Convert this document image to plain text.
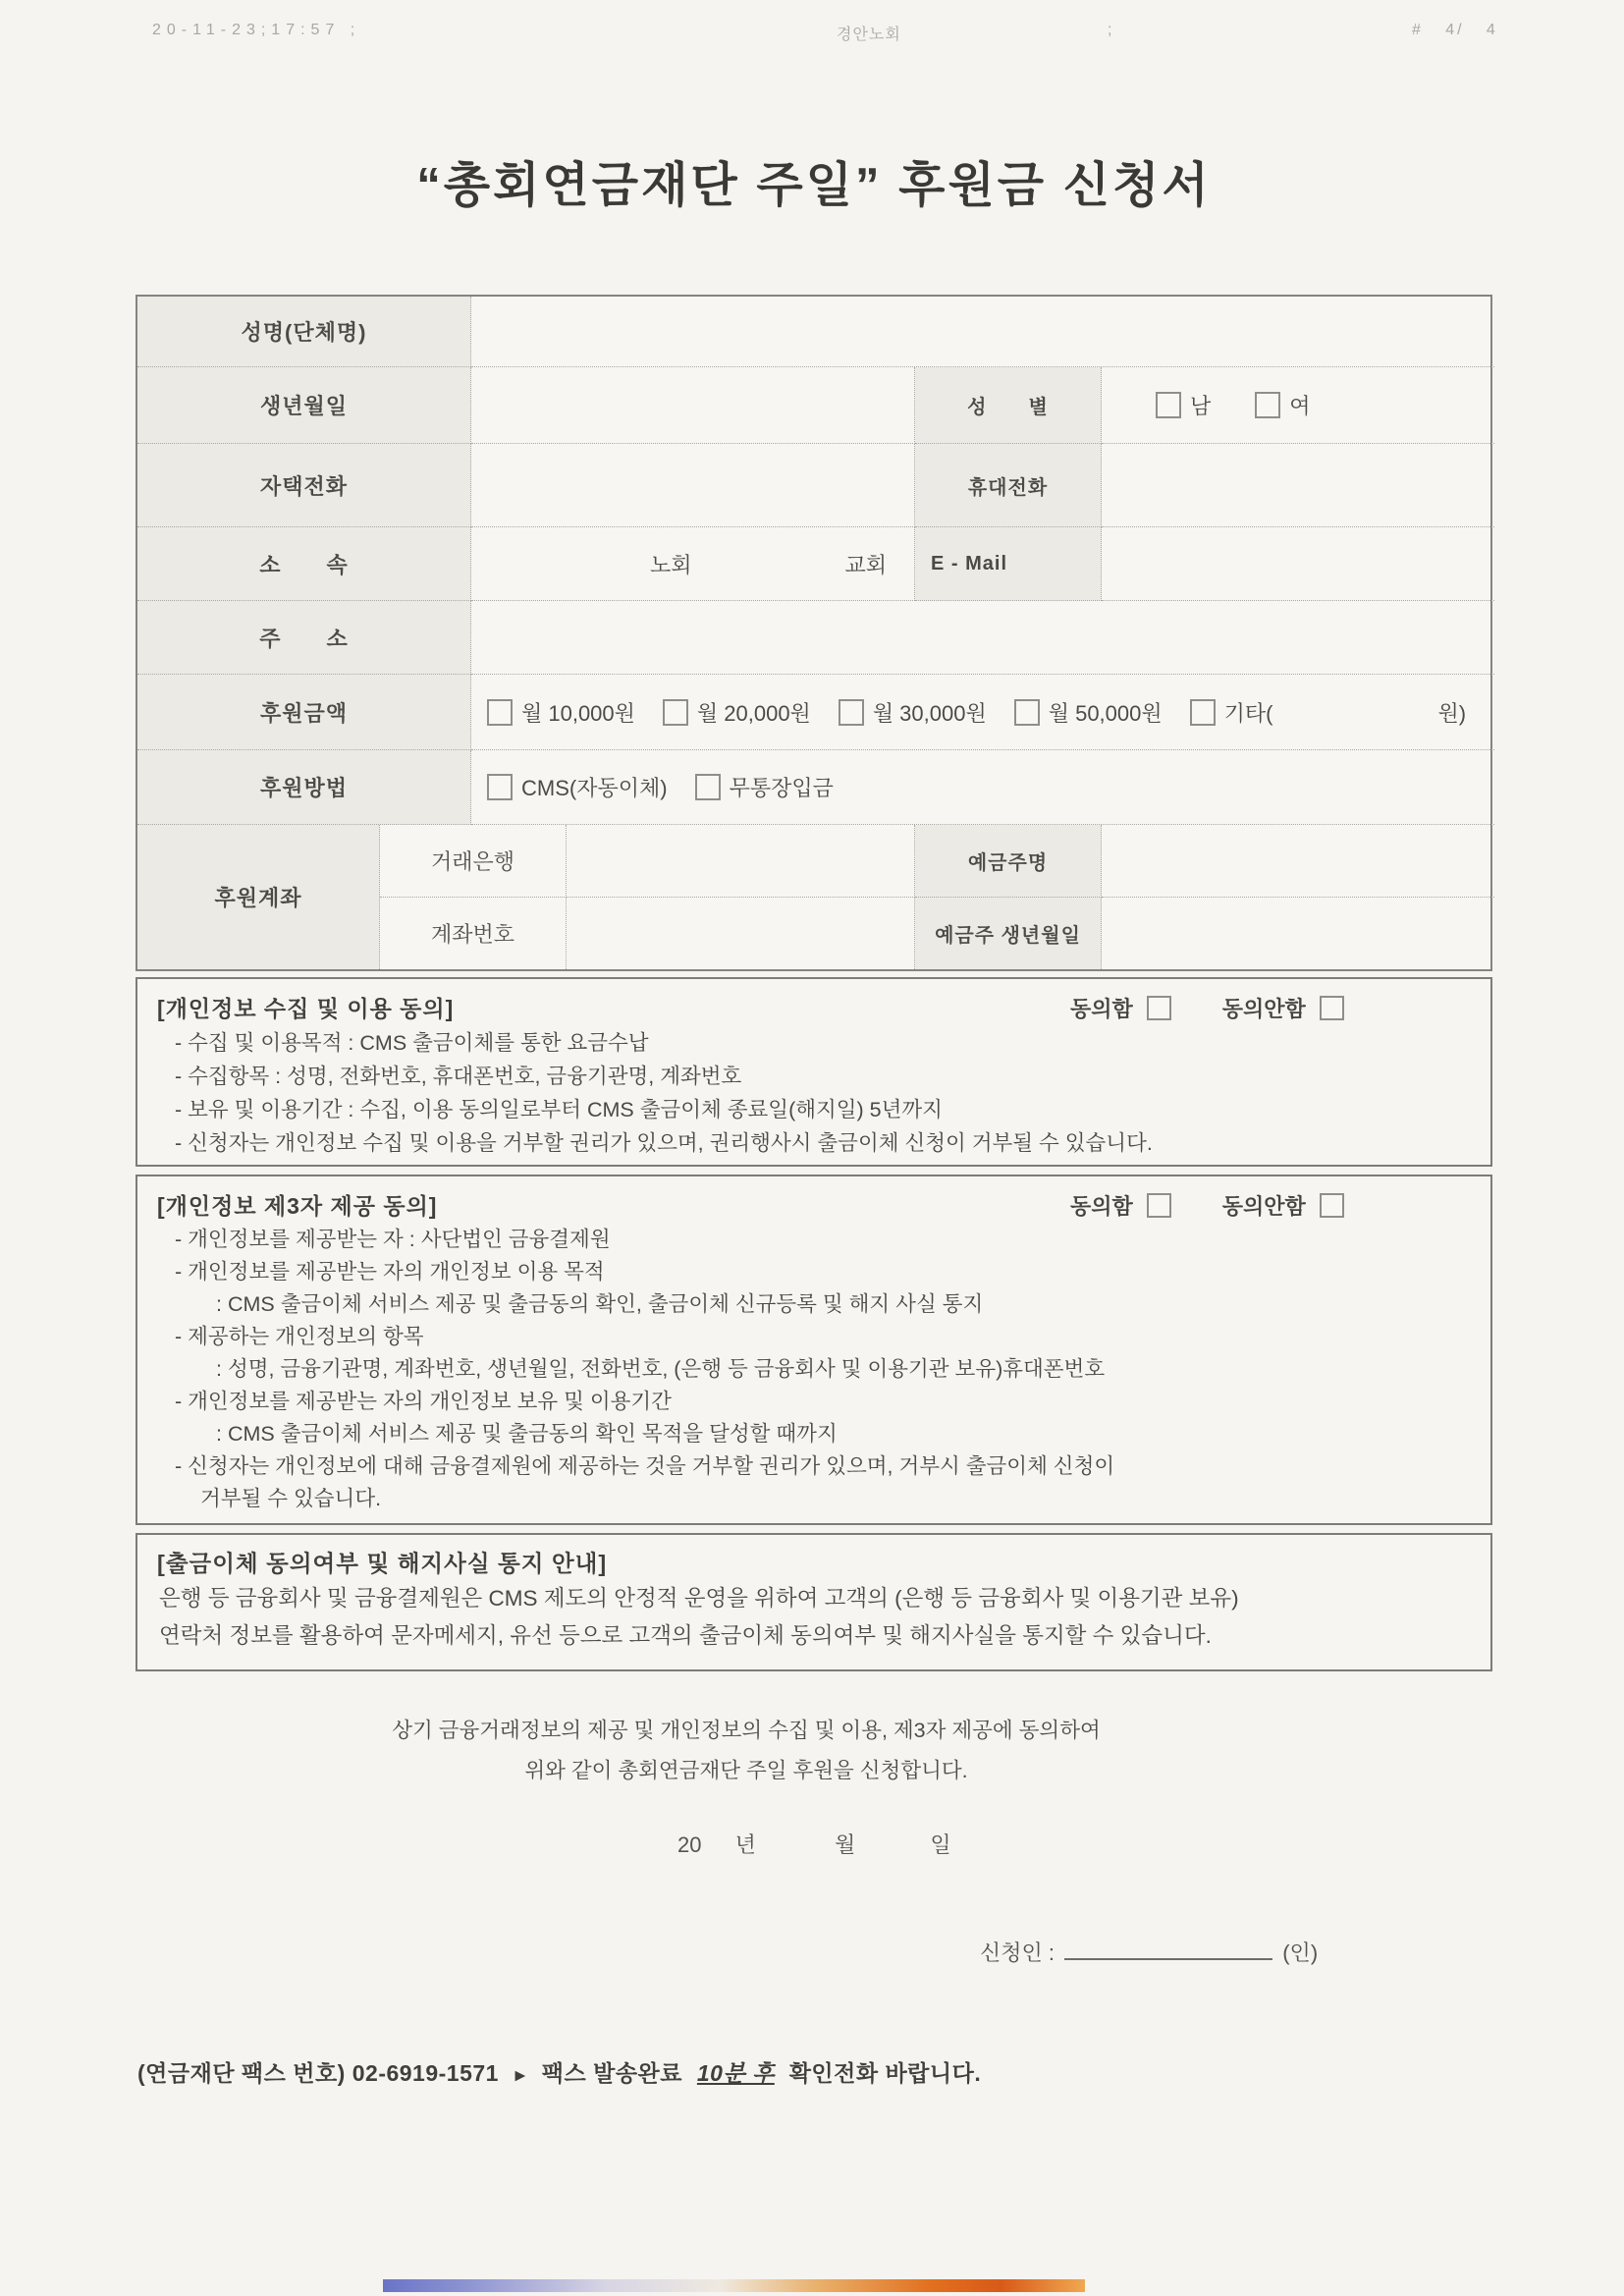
20-11-23;17:57 ;	경안노회	;	#   4/   4
“총회연금재단 주일” 후원금 신청서
성명(단체명)
생년월일	성　　별	남	여
자택전화	휴대전화
소　　속	노회	교회	E - Mail
주　　소
후원금액	월 10,000원	월 20,000원	월 30,000원	월 50,000원	기타(	원)
후원방법	CMS(자동이체)	무통장입금
후원계좌
거래은행	예금주명
계좌번호	예금주 생년월일
[개인정보 수집 및 이용 동의]	동의함	동의안함
- 수집 및 이용목적 : CMS 출금이체를 통한 요금수납
- 수집항목 : 성명, 전화번호, 휴대폰번호, 금융기관명, 계좌번호
- 보유 및 이용기간 : 수집, 이용 동의일로부터 CMS 출금이체 종료일(해지일) 5년까지
- 신청자는 개인정보 수집 및 이용을 거부할 권리가 있으며, 권리행사시 출금이체 신청이 거부될 수 있습니다.
[개인정보 제3자 제공 동의]	동의함	동의안함
- 개인정보를 제공받는 자 : 사단법인 금융결제원
- 개인정보를 제공받는 자의 개인정보 이용 목적
: CMS 출금이체 서비스 제공 및 출금동의 확인, 출금이체 신규등록 및 해지 사실 통지
- 제공하는 개인정보의 항목
: 성명, 금융기관명, 계좌번호, 생년월일, 전화번호, (은행 등 금융회사 및 이용기관 보유)휴대폰번호
- 개인정보를 제공받는 자의 개인정보 보유 및 이용기간
: CMS 출금이체 서비스 제공 및 출금동의 확인 목적을 달성할 때까지
- 신청자는 개인정보에 대해 금융결제원에 제공하는 것을 거부할 권리가 있으며, 거부시 출금이체 신청이
거부될 수 있습니다.
[출금이체 동의여부 및 해지사실 통지 안내]
은행 등 금융회사 및 금융결제원은 CMS 제도의 안정적 운영을 위하여 고객의 (은행 등 금융회사 및 이용기관 보유)
연락처 정보를 활용하여 문자메세지, 유선 등으로 고객의 출금이체 동의여부 및 해지사실을 통지할 수 있습니다.
상기 금융거래정보의 제공 및 개인정보의 수집 및 이용, 제3자 제공에 동의하여
위와 같이 총회연금재단 주일 후원을 신청합니다.
20 년	월	일
신청인 :	(인)
(연금재단 팩스 번호) 02-6919-1571 ▸ 팩스 발송완료 10분 후 확인전화 바랍니다.
